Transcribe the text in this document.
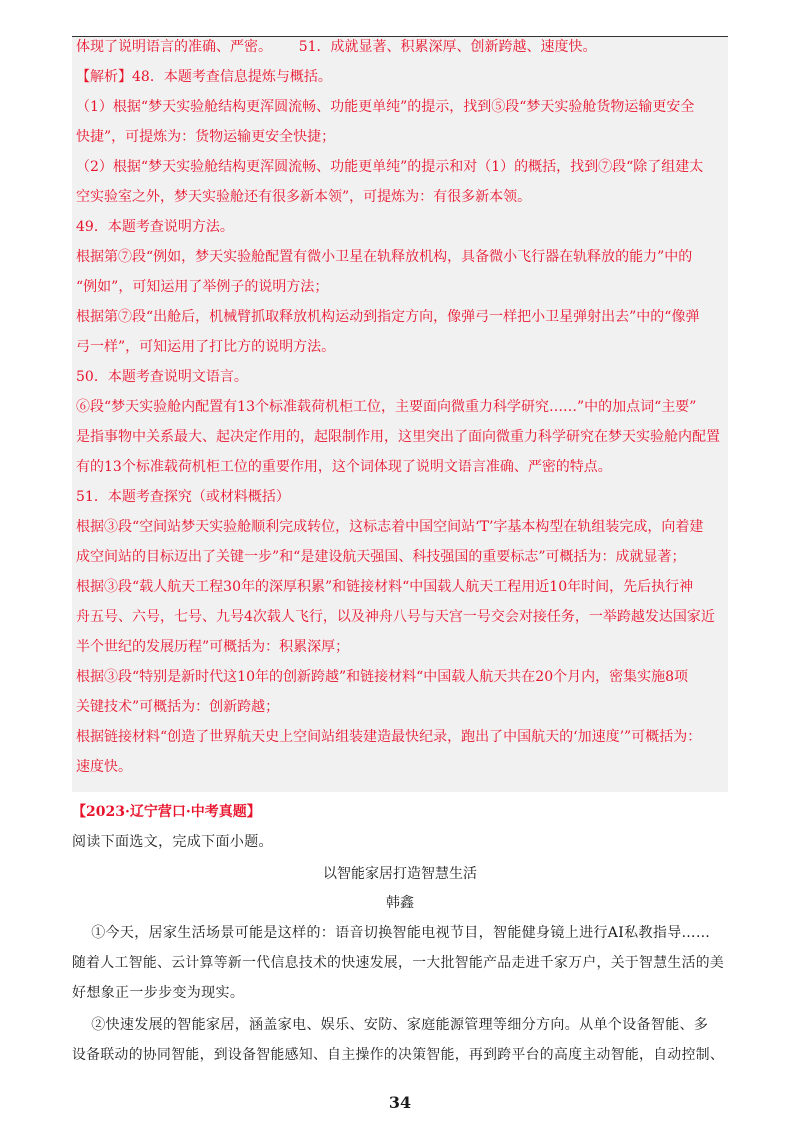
体现了说明语言的准确、严密。      51．成就显著、积累深厚、创新跨越、速度快。
【解析】48．本题考查信息提炼与概括。
（1）根据“梦天实验舱结构更浑圆流畅、功能更单纯”的提示，找到⑤段“梦天实验舱货物运输更安全
快捷”，可提炼为：货物运输更安全快捷；
（2）根据“梦天实验舱结构更浑圆流畅、功能更单纯”的提示和对（1）的概括，找到⑦段“除了组建太
空实验室之外，梦天实验舱还有很多新本领”，可提炼为：有很多新本领。
49．本题考查说明方法。
根据第⑦段“例如，梦天实验舱配置有微小卫星在轨释放机构，具备微小飞行器在轨释放的能力”中的
“例如”，可知运用了举例子的说明方法；
根据第⑦段“出舱后，机械臂抓取释放机构运动到指定方向，像弹弓一样把小卫星弹射出去”中的“像弹
弓一样”，可知运用了打比方的说明方法。
50．本题考查说明文语言。
⑥段“梦天实验舱内配置有13个标准载荷机柜工位，主要面向微重力科学研究……”中的加点词“主要”
是指事物中关系最大、起决定作用的，起限制作用，这里突出了面向微重力科学研究在梦天实验舱内配置
有的13个标准载荷机柜工位的重要作用，这个词体现了说明文语言准确、严密的特点。
51．本题考查探究（或材料概括）
根据③段“空间站梦天实验舱顺利完成转位，这标志着中国空间站‘T’字基本构型在轨组装完成，向着建
成空间站的目标迈出了关键一步”和“是建设航天强国、科技强国的重要标志”可概括为：成就显著；
根据③段“载人航天工程30年的深厚积累”和链接材料“中国载人航天工程用近10年时间，先后执行神
舟五号、六号，七号、九号4次载人飞行，以及神舟八号与天宫一号交会对接任务，一举跨越发达国家近
半个世纪的发展历程”可概括为：积累深厚；
根据③段“特别是新时代这10年的创新跨越”和链接材料“中国载人航天共在20个月内，密集实施8项
关键技术”可概括为：创新跨越；
根据链接材料“创造了世界航天史上空间站组装建造最快纪录，跑出了中国航天的‘加速度’”可概括为：
速度快。
【2023·辽宁营口·中考真题】
阅读下面选文，完成下面小题。
以智能家居打造智慧生活
韩鑫
①今天，居家生活场景可能是这样的：语音切换智能电视节目，智能健身镜上进行AI私教指导……
随着人工智能、云计算等新一代信息技术的快速发展，一大批智能产品走进千家万户，关于智慧生活的美
好想象正一步步变为现实。
②快速发展的智能家居，涵盖家电、娱乐、安防、家庭能源管理等细分方向。从单个设备智能、多
设备联动的协同智能，到设备智能感知、自主操作的决策智能，再到跨平台的高度主动智能，自动控制、
34
